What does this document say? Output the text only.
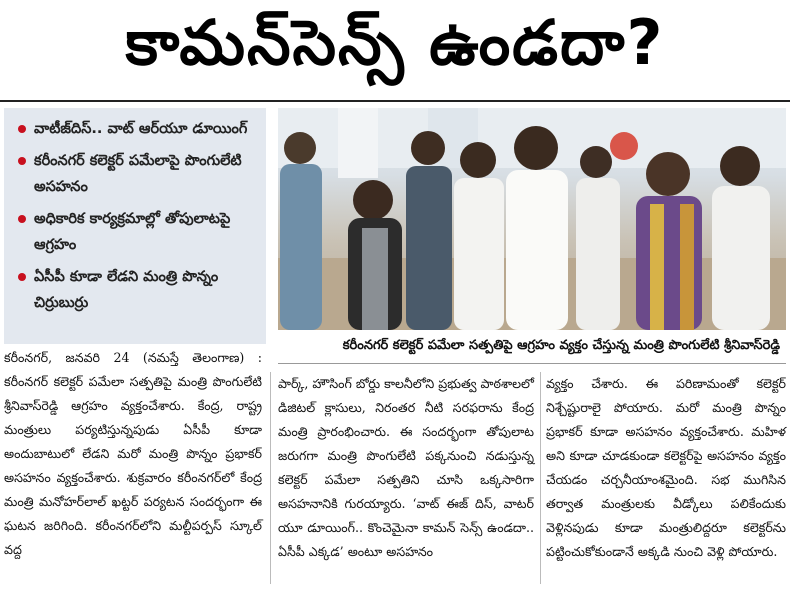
కామన్‌సెన్స్ ఉండదా?
వాటీజ్‌దిస్.. వాట్ ఆర్‌యూ డూయింగ్
కరీంనగర్ కలెక్టర్ పమేలాపై పొంగులేటి అసహనం
అధికారిక కార్యక్రమాల్లో తోపులాటపై ఆగ్రహం
ఏసీపీ కూడా లేడని మంత్రి పొన్నం చిర్రుబుర్రు
కరీంనగర్ కలెక్టర్ పమేలా సత్పతిపై ఆగ్రహం వ్యక్తం చేస్తున్న మంత్రి పొంగులేటి శ్రీనివాస్‌రెడ్డి

కరీంనగర్, జనవరి 24 (నమస్తే తెలంగాణ) : కరీంనగర్ కలెక్టర్ పమేలా సత్పతిపై మంత్రి పొంగులేటి శ్రీనివాస్‌రెడ్డి ఆగ్రహం వ్యక్తంచేశారు. కేంద్ర, రాష్ట్ర మంత్రులు పర్యటిస్తున్నపుడు ఏసీపీ కూడా అందుబాటులో లేడని మరో మంత్రి పొన్నం ప్రభాకర్ అసహనం వ్యక్తంచేశారు. శుక్రవారం కరీంనగర్‌లో కేంద్ర మంత్రి మనోహర్‌లాల్ ఖట్టర్ పర్యటన సందర్భంగా ఈ ఘటన జరిగింది. కరీంనగర్‌లోని మల్టీపర్పస్ స్కూల్ వద్ద

పార్క్, హౌసింగ్ బోర్డు కాలనీలోని ప్రభుత్వ పాఠశాలలో డిజిటల్ క్లాసులు, నిరంతర నీటి సరఫరాను కేంద్ర మంత్రి ప్రారంభించారు. ఈ సందర్భంగా తోపులాట జరుగగా మంత్రి పొంగులేటి పక్కనుంచి నడుస్తున్న కలెక్టర్ పమేలా సత్పతిని చూసి ఒక్కసారిగా అసహనానికి గురయ్యారు. ‘వాట్ ఈజ్ దిస్, వాటర్ యూ డూయింగ్.. కొంచెమైనా కామన్ సెన్స్ ఉండదా.. ఏసీపీ ఎక్కడ’ అంటూ అసహనం

వ్యక్తం చేశారు. ఈ పరిణామంతో కలెక్టర్ నిశ్చేష్టురాలై పోయారు. మరో మంత్రి పొన్నం ప్రభాకర్ కూడా అసహనం వ్యక్తంచేశారు. మహిళ అని కూడా చూడకుండా కలెక్టర్‌పై అసహనం వ్యక్తం చేయడం చర్చనీయాంశమైంది. సభ ముగిసిన తర్వాత మంత్రులకు వీడ్కోలు పలికేందుకు వెళ్లినపుడు కూడా మంత్రులిద్దరూ కలెక్టర్‌ను పట్టించుకోకుండానే అక్కడి నుంచి వెళ్లి పోయారు.
